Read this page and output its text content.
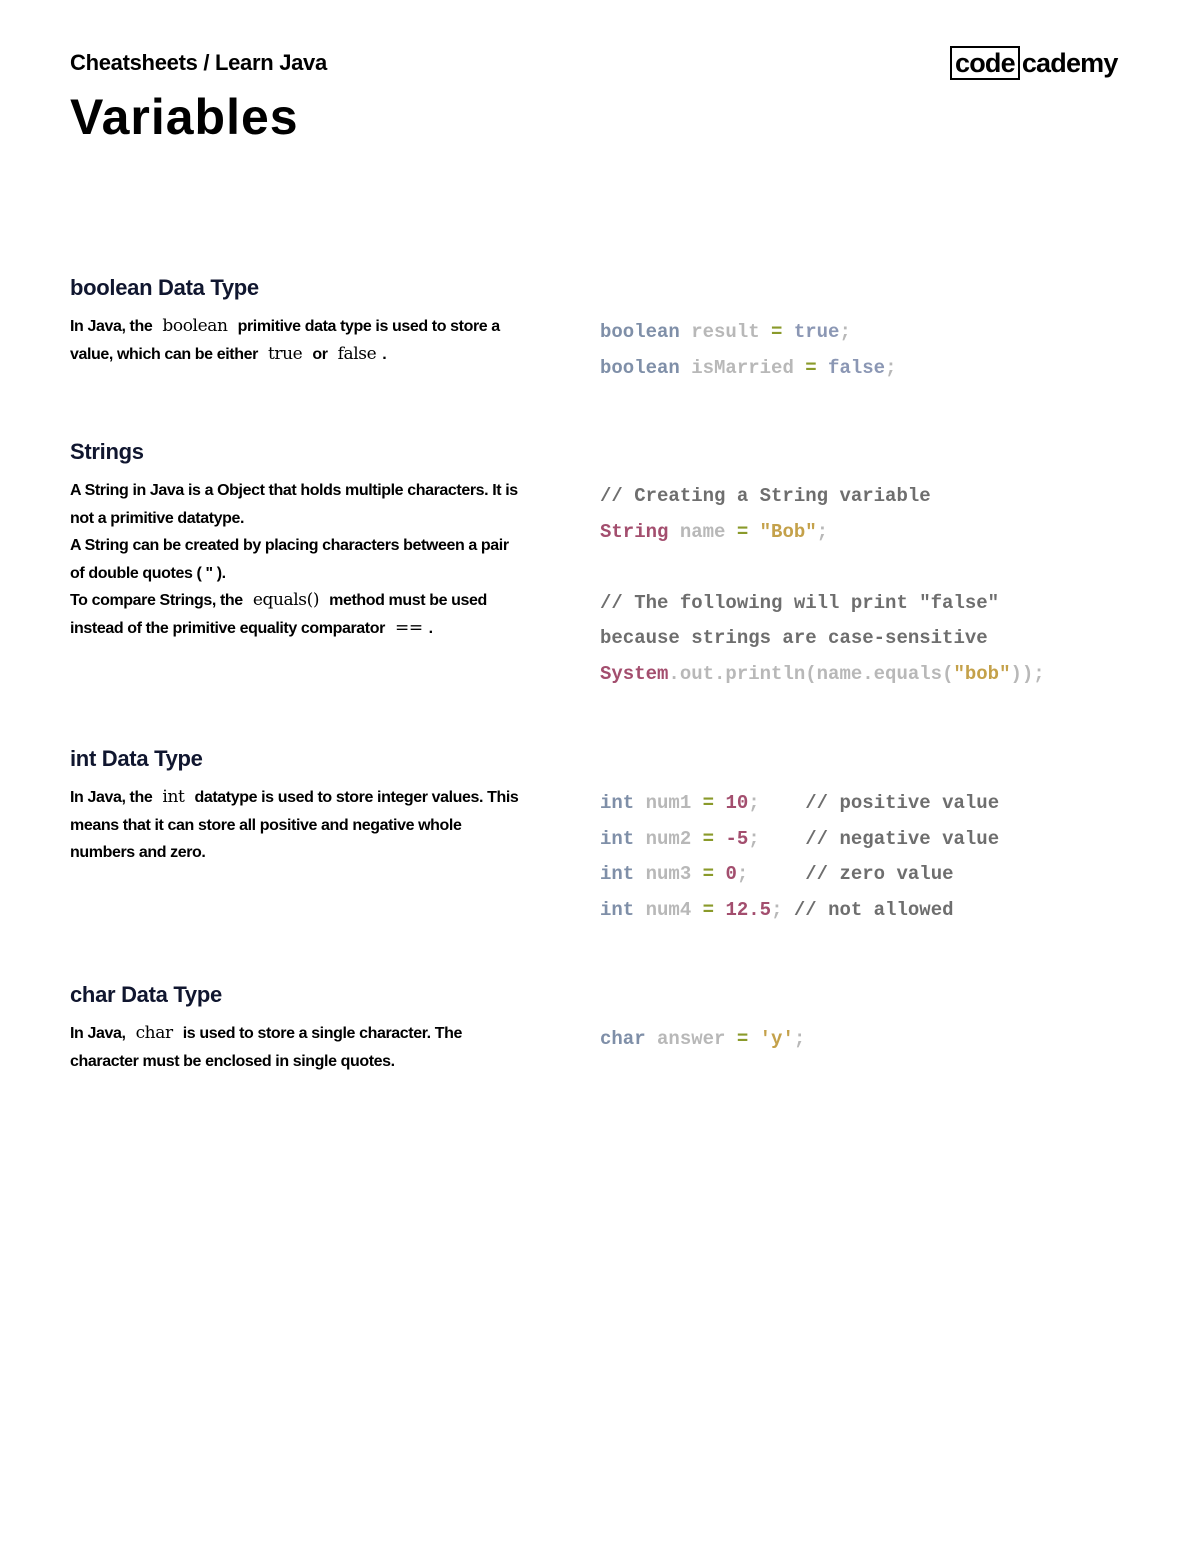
Cheatsheets / Learn Java
Variables
code cademy
boolean Data Type
In Java, the boolean primitive data type is used to store a value, which can be either true or false .
boolean result = true;
boolean isMarried = false;
Strings
A String in Java is a Object that holds multiple characters. It is not a primitive datatype.
A String can be created by placing characters between a pair of double quotes ( " ).
To compare Strings, the equals() method must be used instead of the primitive equality comparator == .
// Creating a String variable
String name = "Bob";
// The following will print "false"
because strings are case-sensitive
System.out.println(name.equals("bob"));
int Data Type
In Java, the int datatype is used to store integer values. This means that it can store all positive and negative whole numbers and zero.
int num1 = 10;    // positive value
int num2 = -5;    // negative value
int num3 = 0;     // zero value
int num4 = 12.5; // not allowed
char Data Type
In Java, char is used to store a single character. The character must be enclosed in single quotes.
char answer = 'y';
